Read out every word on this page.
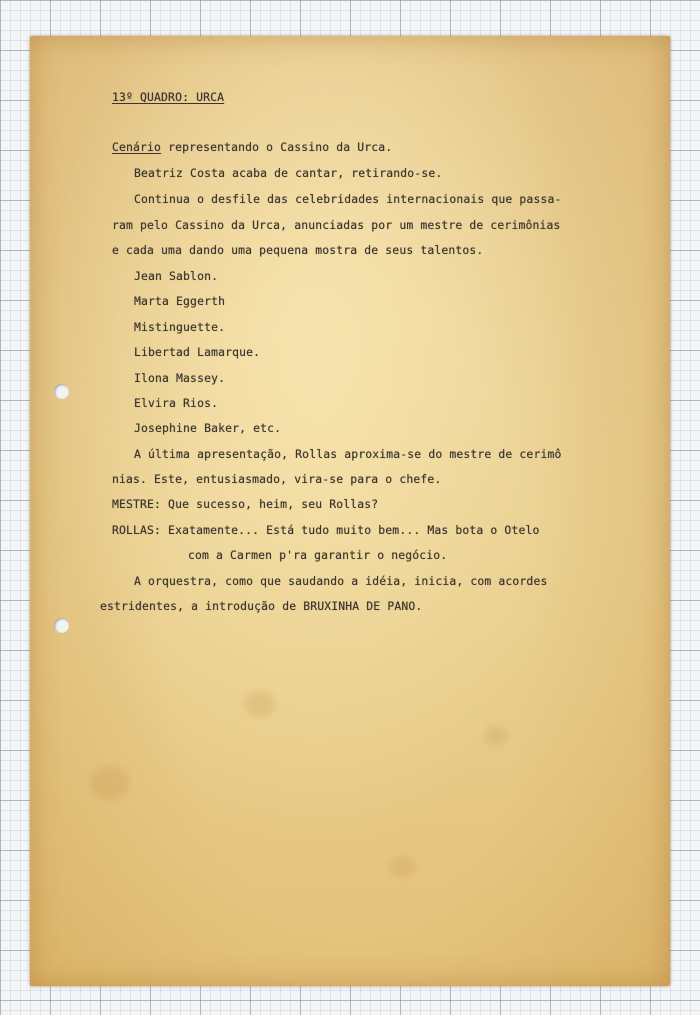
13º QUADRO: URCA
Cenário representando o Cassino da Urca.
Beatriz Costa acaba de cantar, retirando-se.
Continua o desfile das celebridades internacionais que passa-
ram pelo Cassino da Urca, anunciadas por um mestre de cerimônias
e cada uma dando uma pequena mostra de seus talentos.
Jean Sablon.
Marta Eggerth
Mistinguette.
Libertad Lamarque.
Ilona Massey.
Elvira Rios.
Josephine Baker, etc.
A última apresentação, Rollas aproxima-se do mestre de cerimô
nias. Este, entusiasmado, vira-se para o chefe.
MESTRE: Que sucesso, heim, seu Rollas?
ROLLAS: Exatamente... Está tudo muito bem... Mas bota o Otelo
com a Carmen p'ra garantir o negócio.
A orquestra, como que saudando a idéia, inicia, com acordes
estridentes, a introdução de BRUXINHA DE PANO.
